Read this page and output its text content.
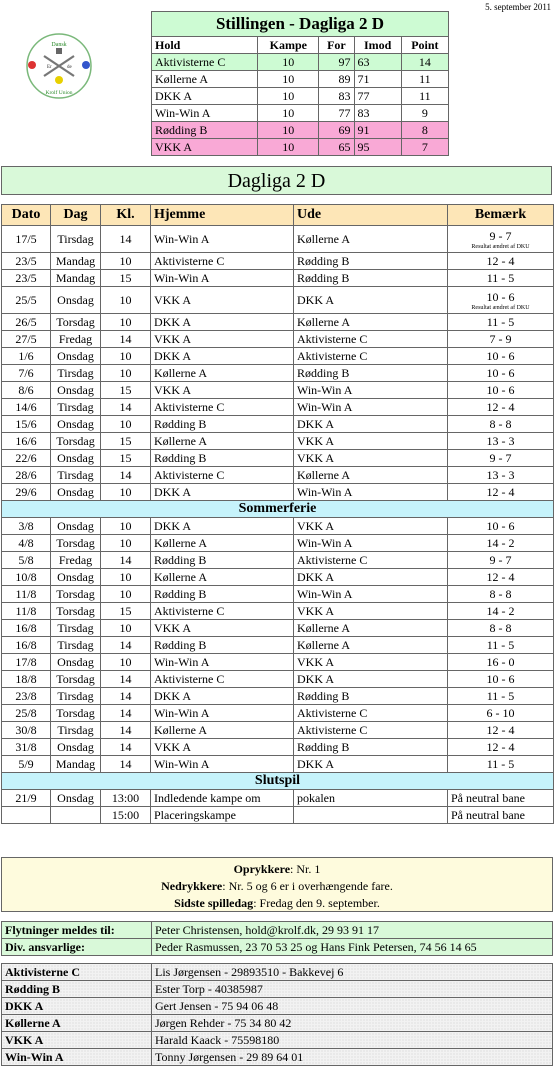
5. september 2011
Dansk
Er	de
Krolf Union
Stillingen - Dagliga 2 D				
Hold	Kampe	For	Imod	Point
Aktivisterne C	10	97	63	14
Køllerne A	10	89	71	11
DKK A	10	83	77	11
Win-Win A	10	77	83	9
Rødding B	10	69	91	8
VKK A	10	65	95	7
Dagliga 2 D
Dato	Dag	Kl.	Hjemme	Ude	Bemærk
17/5	Tirsdag	14	Win-Win A	Køllerne A	9 - 7
Resultat ændret af DKU

23/5	Mandag	10	Aktivisterne C	Rødding B	12 - 4
23/5	Mandag	15	Win-Win A	Rødding B	11 - 5
25/5	Onsdag	10	VKK A	DKK A	10 - 6
Resultat ændret af DKU

26/5	Torsdag	10	DKK A	Køllerne A	11 - 5
27/5	Fredag	14	VKK A	Aktivisterne C	7 - 9
1/6	Onsdag	10	DKK A	Aktivisterne C	10 - 6
7/6	Tirsdag	10	Køllerne A	Rødding B	10 - 6
8/6	Onsdag	15	VKK A	Win-Win A	10 - 6
14/6	Tirsdag	14	Aktivisterne C	Win-Win A	12 - 4
15/6	Onsdag	10	Rødding B	DKK A	8 - 8
16/6	Torsdag	15	Køllerne A	VKK A	13 - 3
22/6	Onsdag	15	Rødding B	VKK A	9 - 7
28/6	Tirsdag	14	Aktivisterne C	Køllerne A	13 - 3
29/6	Onsdag	10	DKK A	Win-Win A	12 - 4
Sommerferie					
3/8	Onsdag	10	DKK A	VKK A	10 - 6
4/8	Torsdag	10	Køllerne A	Win-Win A	14 - 2
5/8	Fredag	14	Rødding B	Aktivisterne C	9 - 7
10/8	Onsdag	10	Køllerne A	DKK A	12 - 4
11/8	Torsdag	10	Rødding B	Win-Win A	8 - 8
11/8	Torsdag	15	Aktivisterne C	VKK A	14 - 2
16/8	Tirsdag	10	VKK A	Køllerne A	8 - 8
16/8	Tirsdag	14	Rødding B	Køllerne A	11 - 5
17/8	Onsdag	10	Win-Win A	VKK A	16 - 0
18/8	Torsdag	14	Aktivisterne C	DKK A	10 - 6
23/8	Tirsdag	14	DKK A	Rødding B	11 - 5
25/8	Torsdag	14	Win-Win A	Aktivisterne C	6 - 10
30/8	Tirsdag	14	Køllerne A	Aktivisterne C	12 - 4
31/8	Onsdag	14	VKK A	Rødding B	12 - 4
5/9	Mandag	14	Win-Win A	DKK A	11 - 5
Slutspil					
21/9	Onsdag	13:00	Indledende kampe om	pokalen	På neutral bane
		15:00	Placeringskampe		På neutral bane
Oprykkere: Nr. 1
Nedrykkere: Nr. 5 og 6 er i overhængende fare.
Sidste spilledag: Fredag den 9. september.
Flytninger meldes til:	Peter Christensen, hold@krolf.dk, 29 93 91 17
Div. ansvarlige:	Peder Rasmussen, 23 70 53 25 og Hans Fink Petersen, 74 56 14 65
Aktivisterne C	Lis Jørgensen - 29893510 - Bakkevej 6
Rødding B	Ester Torp - 40385987
DKK A	Gert Jensen - 75 94 06 48
Køllerne A	Jørgen Rehder - 75 34 80 42
VKK A	Harald Kaack - 75598180
Win-Win A	Tonny Jørgensen - 29 89 64 01
